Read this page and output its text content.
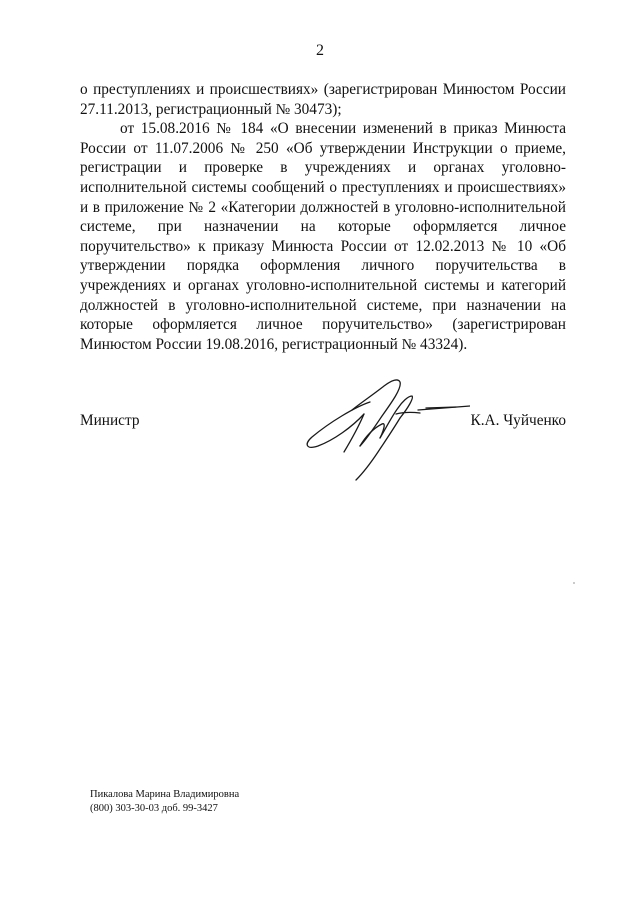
2

о преступлениях и происшествиях» (зарегистрирован Минюстом России 27.11.2013, регистрационный № 30473);

от 15.08.2016 № 184 «О внесении изменений в приказ Минюста России от 11.07.2006 № 250 «Об утверждении Инструкции о приеме, регистрации и проверке в учреждениях и органах уголовно-исполнительной системы сообщений о преступлениях и происшествиях» и в приложение № 2 «Категории должностей в уголовно-исполнительной системе, при назначении на которые оформляется личное поручительство» к приказу Минюста России от 12.02.2013 № 10 «Об утверждении порядка оформления личного поручительства в учреждениях и органах уголовно-исполнительной системы и категорий должностей в уголовно-исполнительной системе, при назначении на которые оформляется личное поручительство» (зарегистрирован Минюстом России 19.08.2016, регистрационный № 43324).

Министр	К.А. Чуйченко
Пикалова Марина Владимировна
(800) 303-30-03 доб. 99-3427
